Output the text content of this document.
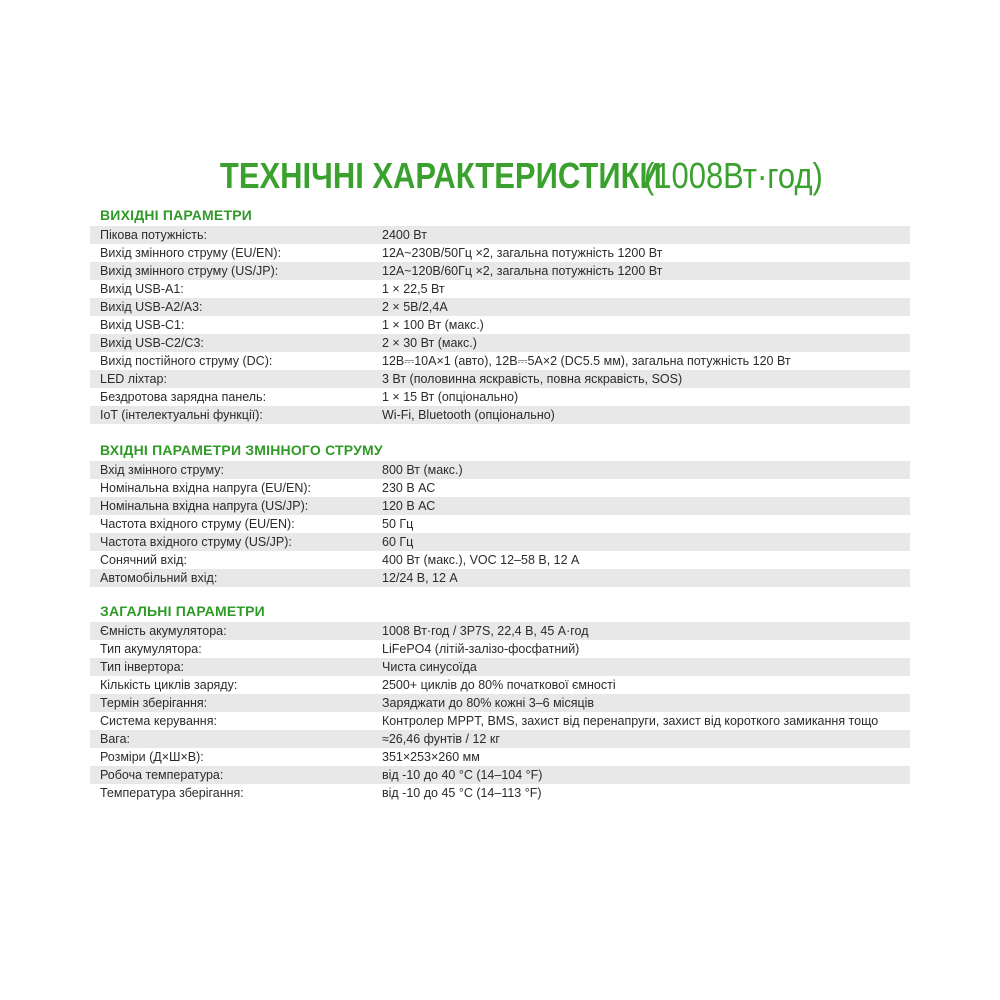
ТЕХНІЧНІ ХАРАКТЕРИСТИКИ (1008Вт·год)
ВИХІДНІ ПАРАМЕТРИ
Пікова потужність:	2400 Вт
Вихід змінного струму (EU/EN):	12А~230В/50Гц ×2, загальна потужність 1200 Вт
Вихід змінного струму (US/JP):	12А~120В/60Гц ×2, загальна потужність 1200 Вт
Вихід USB-A1:	1 × 22,5 Вт
Вихід USB-A2/A3:	2 × 5В/2,4А
Вихід USB-C1:	1 × 100 Вт (макс.)
Вихід USB-C2/C3:	2 × 30 Вт (макс.)
Вихід постійного струму (DC):	12В⎓10А×1 (авто), 12В⎓5А×2 (DC5.5 мм), загальна потужність 120 Вт
LED ліхтар:	3 Вт (половинна яскравість, повна яскравість, SOS)
Бездротова зарядна панель:	1 × 15 Вт (опціонально)
IoT (інтелектуальні функції):	Wi-Fi, Bluetooth (опціонально)
ВХІДНІ ПАРАМЕТРИ ЗМІННОГО СТРУМУ
Вхід змінного струму:	800 Вт (макс.)
Номінальна вхідна напруга (EU/EN):	230 В АС
Номінальна вхідна напруга (US/JP):	120 В АС
Частота вхідного струму (EU/EN):	50 Гц
Частота вхідного струму (US/JP):	60 Гц
Сонячний вхід:	400 Вт (макс.), VOC 12–58 В, 12 А
Автомобільний вхід:	12/24 В, 12 А
ЗАГАЛЬНІ ПАРАМЕТРИ
Ємність акумулятора:	1008 Вт·год / 3P7S, 22,4 В, 45 А·год
Тип акумулятора:	LiFePO4 (літій-залізо-фосфатний)
Тип інвертора:	Чиста синусоїда
Кількість циклів заряду:	2500+ циклів до 80% початкової ємності
Термін зберігання:	Заряджати до 80% кожні 3–6 місяців
Система керування:	Контролер MPPT, BMS, захист від перенапруги, захист від короткого замикання тощо
Вага:	≈26,46 фунтів / 12 кг
Розміри (Д×Ш×В):	351×253×260 мм
Робоча температура:	від -10 до 40 °C (14–104 °F)
Температура зберігання:	від -10 до 45 °C (14–113 °F)
